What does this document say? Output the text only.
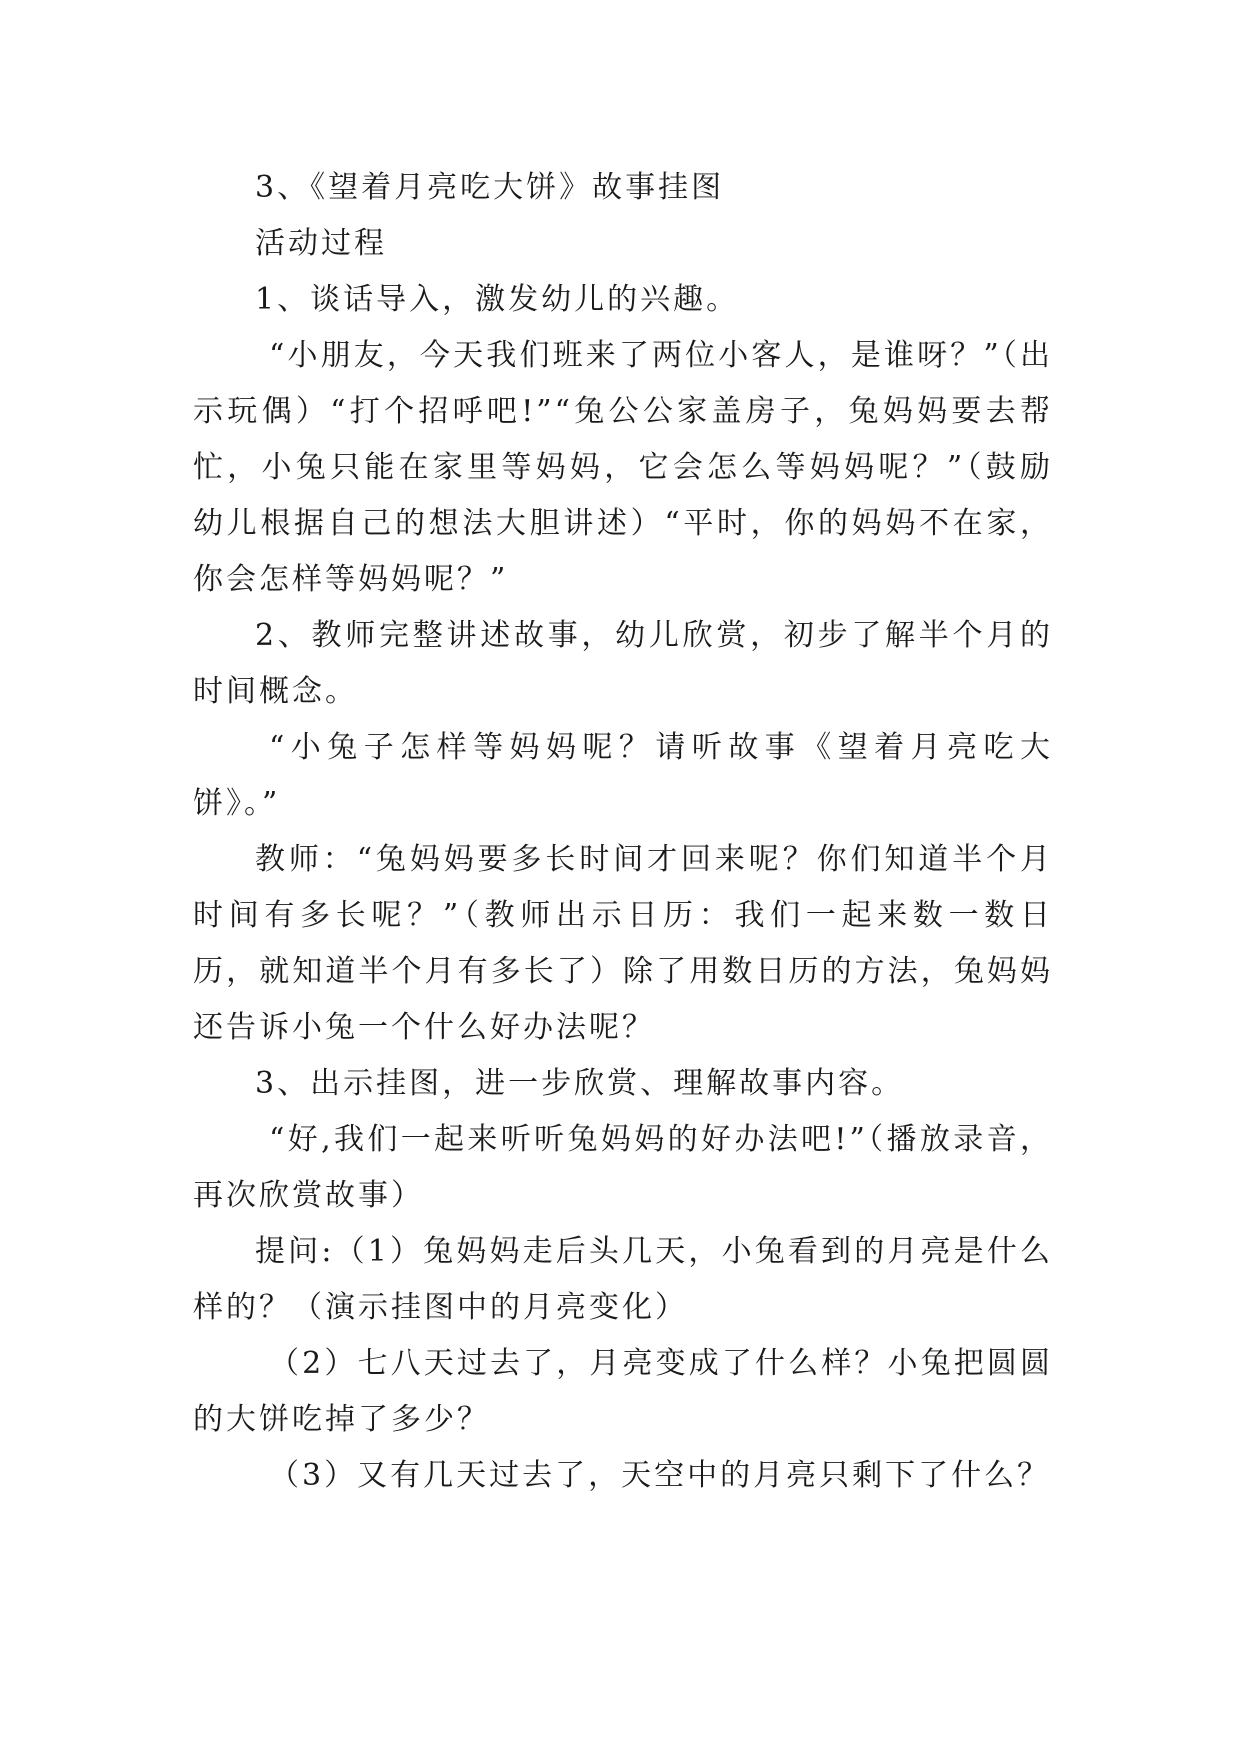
3、《望着月亮吃大饼》故事挂图

活动过程

1、谈话导入，激发幼儿的兴趣。

“小朋友，今天我们班来了两位小客人，是谁呀？”（出示玩偶）“打个招呼吧!”“兔公公家盖房子，兔妈妈要去帮忙，小兔只能在家里等妈妈，它会怎么等妈妈呢？”（鼓励幼儿根据自己的想法大胆讲述）“平时，你的妈妈不在家，你会怎样等妈妈呢？”

2、教师完整讲述故事，幼儿欣赏，初步了解半个月的时间概念。

“小兔子怎样等妈妈呢？请听故事《望着月亮吃大饼》。”

教师：“兔妈妈要多长时间才回来呢？你们知道半个月时间有多长呢？”（教师出示日历：我们一起来数一数日历，就知道半个月有多长了）除了用数日历的方法，兔妈妈还告诉小兔一个什么好办法呢？

3、出示挂图，进一步欣赏、理解故事内容。

“好,我们一起来听听兔妈妈的好办法吧!”（播放录音，再次欣赏故事）

提问:（1）兔妈妈走后头几天，小兔看到的月亮是什么样的？（演示挂图中的月亮变化）

（2）七八天过去了，月亮变成了什么样？小兔把圆圆的大饼吃掉了多少？

（3）又有几天过去了，天空中的月亮只剩下了什么？
